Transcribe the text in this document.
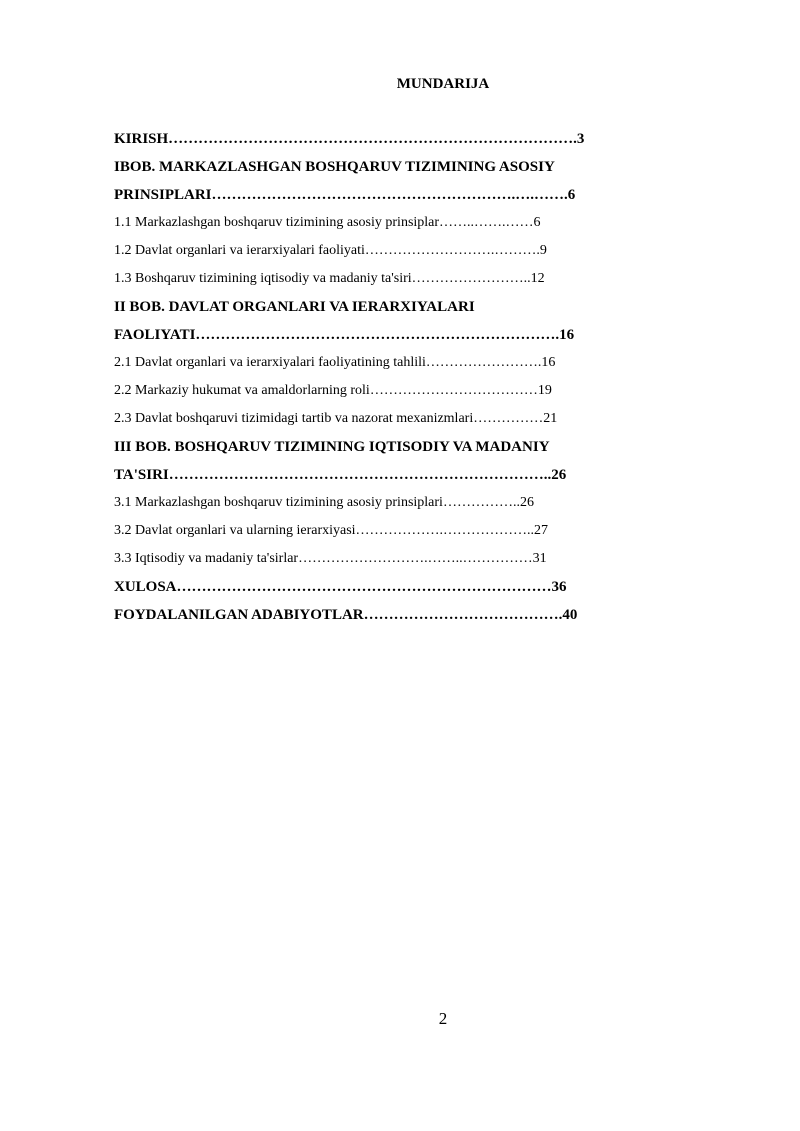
MUNDARIJA
KIRISH……………………………………………………………………….3
IBOB. MARKAZLASHGAN BOSHQARUV TIZIMINING ASOSIY
PRINSIPLARI…………………………………………………….….…….6
1.1 Markazlashgan boshqaruv tizimining asosiy prinsiplar……..…….……6
1.2 Davlat organlari va ierarxiyalari faoliyati……………………….……….9
1.3 Boshqaruv tizimining iqtisodiy va madaniy ta'siri……………………..12
II BOB. DAVLAT ORGANLARI VA IERARXIYALARI
FAOLIYATI……………………………………………………………….16
2.1 Davlat organlari va ierarxiyalari faoliyatining tahlili…………………….16
2.2 Markaziy hukumat va amaldorlarning roli………………………………19
2.3 Davlat boshqaruvi tizimidagi tartib va nazorat mexanizmlari……………21
III BOB. BOSHQARUV TIZIMINING IQTISODIY VA MADANIY
TA'SIRI…………………………………………………………………..26
3.1 Markazlashgan boshqaruv tizimining asosiy prinsiplari……………..26
3.2 Davlat organlari va ularning ierarxiyasi……………….………………..27
3.3 Iqtisodiy va madaniy ta'sirlar……………………….……..……………31
XULOSA…………………………………………………………………36
FOYDALANILGAN ADABIYOTLAR………………………………….40
2
